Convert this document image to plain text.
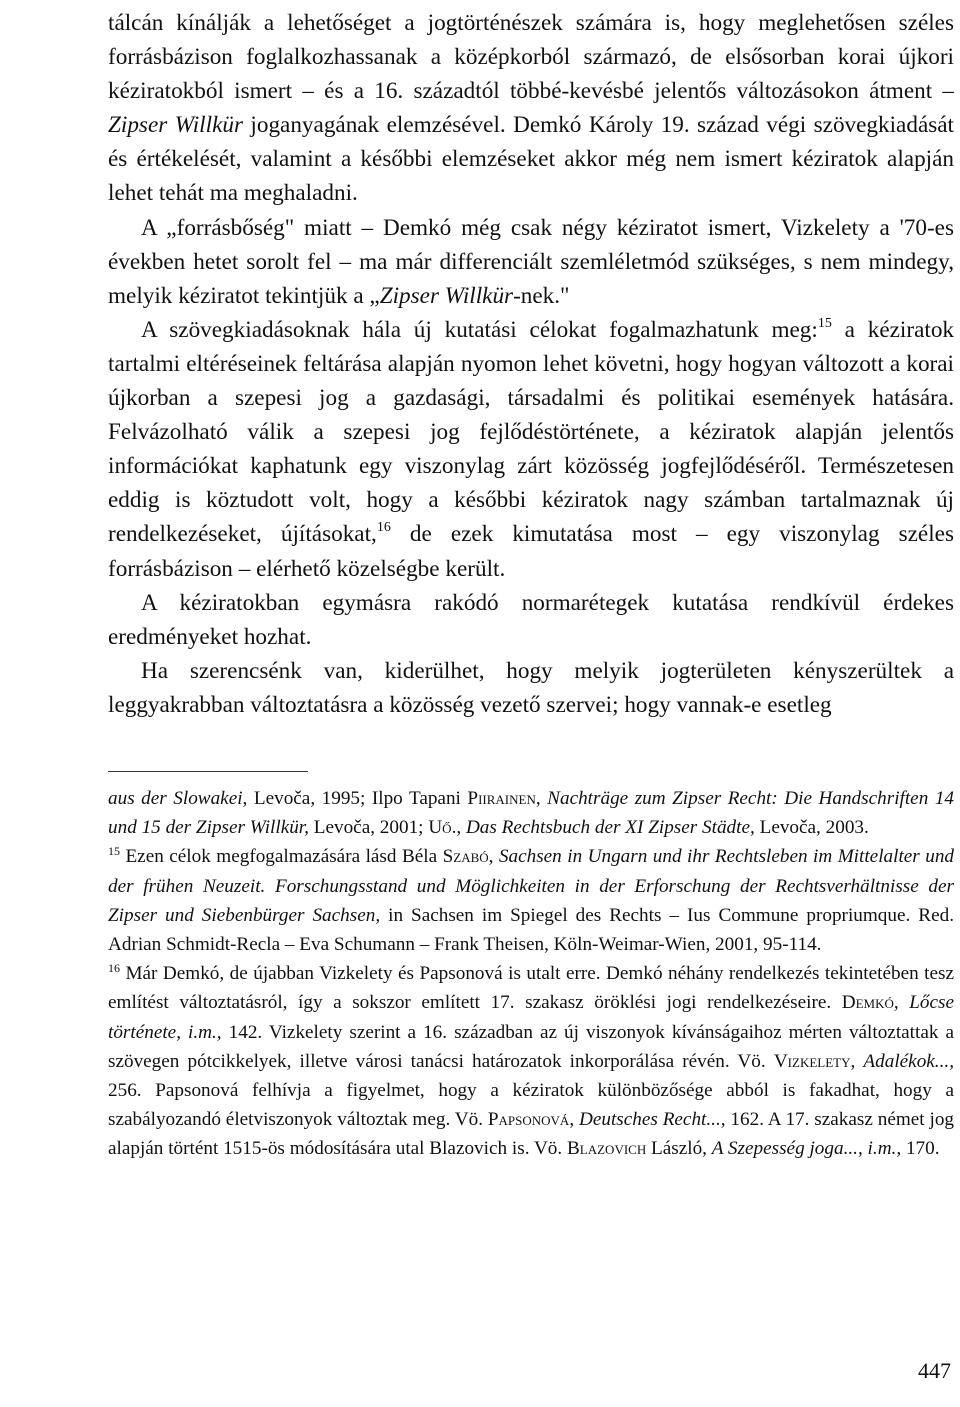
tálcán kínálják a lehetőséget a jogtörténészek számára is, hogy meglehetősen széles forrásbázison foglalkozhassanak a középkorból származó, de elsősorban korai újkori kéziratokból ismert – és a 16. századtól többé-kevésbé jelentős változásokon átment – Zipser Willkür joganyagának elemzésével. Demkó Károly 19. század végi szövegkiadását és értékelését, valamint a későbbi elemzéseket akkor még nem ismert kéziratok alapján lehet tehát ma meghaladni.

A „forrásbőség" miatt – Demkó még csak négy kéziratot ismert, Vizkelety a '70-es években hetet sorolt fel – ma már differenciált szemléletmód szükséges, s nem mindegy, melyik kéziratot tekintjük a „Zipser Willkür-nek."

A szövegkiadásoknak hála új kutatási célokat fogalmazhatunk meg:$^{15}$ a kéziratok tartalmi eltéréseinek feltárása alapján nyomon lehet követni, hogy hogyan változott a korai újkorban a szepesi jog a gazdasági, társadalmi és politikai események hatására. Felvázolható válik a szepesi jog fejlődéstörténete, a kéziratok alapján jelentős információkat kaphatunk egy viszonylag zárt közösség jogfejlődéséről. Természetesen eddig is köztudott volt, hogy a későbbi kéziratok nagy számban tartalmaznak új rendelkezéseket, újításokat,$^{16}$ de ezek kimutatása most – egy viszonylag széles forrásbázison – elérhető közelségbe került.

A kéziratokban egymásra rakódó normarétegek kutatása rendkívül érdekes eredményeket hozhat.

Ha szerencsénk van, kiderülhet, hogy melyik jogterületen kényszerültek a leggyakrabban változtatásra a közösség vezető szervei; hogy vannak-e esetleg

aus der Slowakei, Levoča, 1995; Ilpo Tapani Piirainen, Nachträge zum Zipser Recht: Die Handschriften 14 und 15 der Zipser Willkür, Levoča, 2001; Uő., Das Rechtsbuch der XI Zipser Städte, Levoča, 2003.

$^{15}$ Ezen célok megfogalmazására lásd Béla Szabó, Sachsen in Ungarn und ihr Rechtsleben im Mittelalter und der frühen Neuzeit. Forschungsstand und Möglichkeiten in der Erforschung der Rechtsverhältnisse der Zipser und Siebenbürger Sachsen, in Sachsen im Spiegel des Rechts – Ius Commune propriumque. Red. Adrian Schmidt-Recla – Eva Schumann – Frank Theisen, Köln-Weimar-Wien, 2001, 95-114.

$^{16}$ Már Demkó, de újabban Vizkelety és Papsonová is utalt erre. Demkó néhány rendelkezés tekintetében tesz említést változtatásról, így a sokszor említett 17. szakasz öröklési jogi rendelkezéseire. Demkó, Lőcse története, i.m., 142. Vizkelety szerint a 16. században az új viszonyok kívánságaihoz mérten változtattak a szövegen pótcikkelyek, illetve városi tanácsi határozatok inkorporálása révén. Vö. Vizkelety, Adalékok..., 256. Papsonová felhívja a figyelmet, hogy a kéziratok különbözősége abból is fakadhat, hogy a szabályozandó életviszonyok változtak meg. Vö. Papsonová, Deutsches Recht..., 162. A 17. szakasz német jog alapján történt 1515-ös módosítására utal Blazovich is. Vö. Blazovich László, A Szepesség joga..., i.m., 170.

447
